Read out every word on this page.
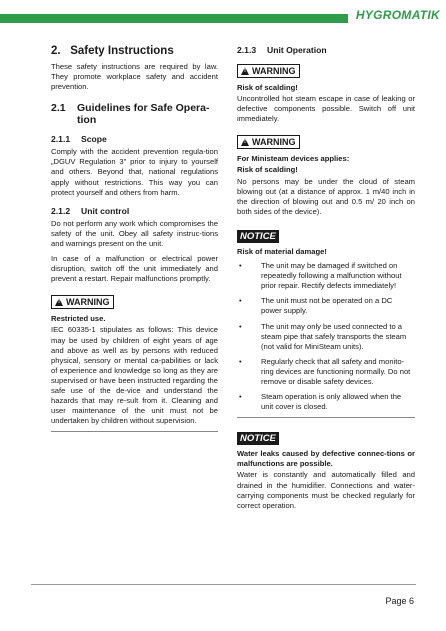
HYGROMATIK
2. Safety Instructions

These safety instructions are required by law. They promote workplace safety and accident prevention.

2.1	Guidelines for Safe Opera-tion
2.1.1	Scope

Comply with the accident prevention regula-tion „DGUV Regulation 3" prior to injury to yourself and others. Beyond that, national regulations apply without restrictions. This way you can protect yourself and others from harm.

2.1.2	Unit control

Do not perform any work which compromises the safety of the unit. Obey all safety instruc-tions and warnings present on the unit.

In case of a malfunction or electrical power disruption, switch off the unit immediately and prevent a restart. Repair malfunctions promptly.

! WARNING

Restricted use.

IEC 60335-1 stipulates as follows: This device may be used by children of eight years of age and above as well as by persons with reduced physical, sensory or mental ca-pabilities or lack of experience and knowledge so long as they are supervised or have been instructed regarding the safe use of the de-vice and understand the hazards that may re-sult from it. Cleaning and user maintenance of the unit must not be undertaken by children without supervision.

2.1.3	Unit Operation
! WARNING

Risk of scalding!

Uncontrolled hot steam escape in case of leaking or defective components possible. Switch off unit immediately.

! WARNING

For Ministeam devices applies:

Risk of scalding!

No persons may be under the cloud of steam blowing out (at a distance of approx. 1 m/40 inch in the direction of blowing out and 0.5 m/ 20 inch on both sides of the device).

NOTICE

Risk of material damage!

•	The unit may be damaged if switched on repeatedly following a malfunction without prior repair. Rectify defects immediately!
•	The unit must not be operated on a DC power supply.
•	The unit may only be used connected to a steam pipe that safely transports the steam (not valid for MiniSteam units).
•	Regularly check that all safety and monito-ring devices are functioning normally. Do not remove or disable safety devices.
•	Steam operation is only allowed when the unit cover is closed.
NOTICE

Water leaks caused by defective connec-tions or malfunctions are possible.

Water is constantly and automatically filled and drained in the humidifier. Connections and water-carrying components must be checked regularly for correct operation.

Page 6
